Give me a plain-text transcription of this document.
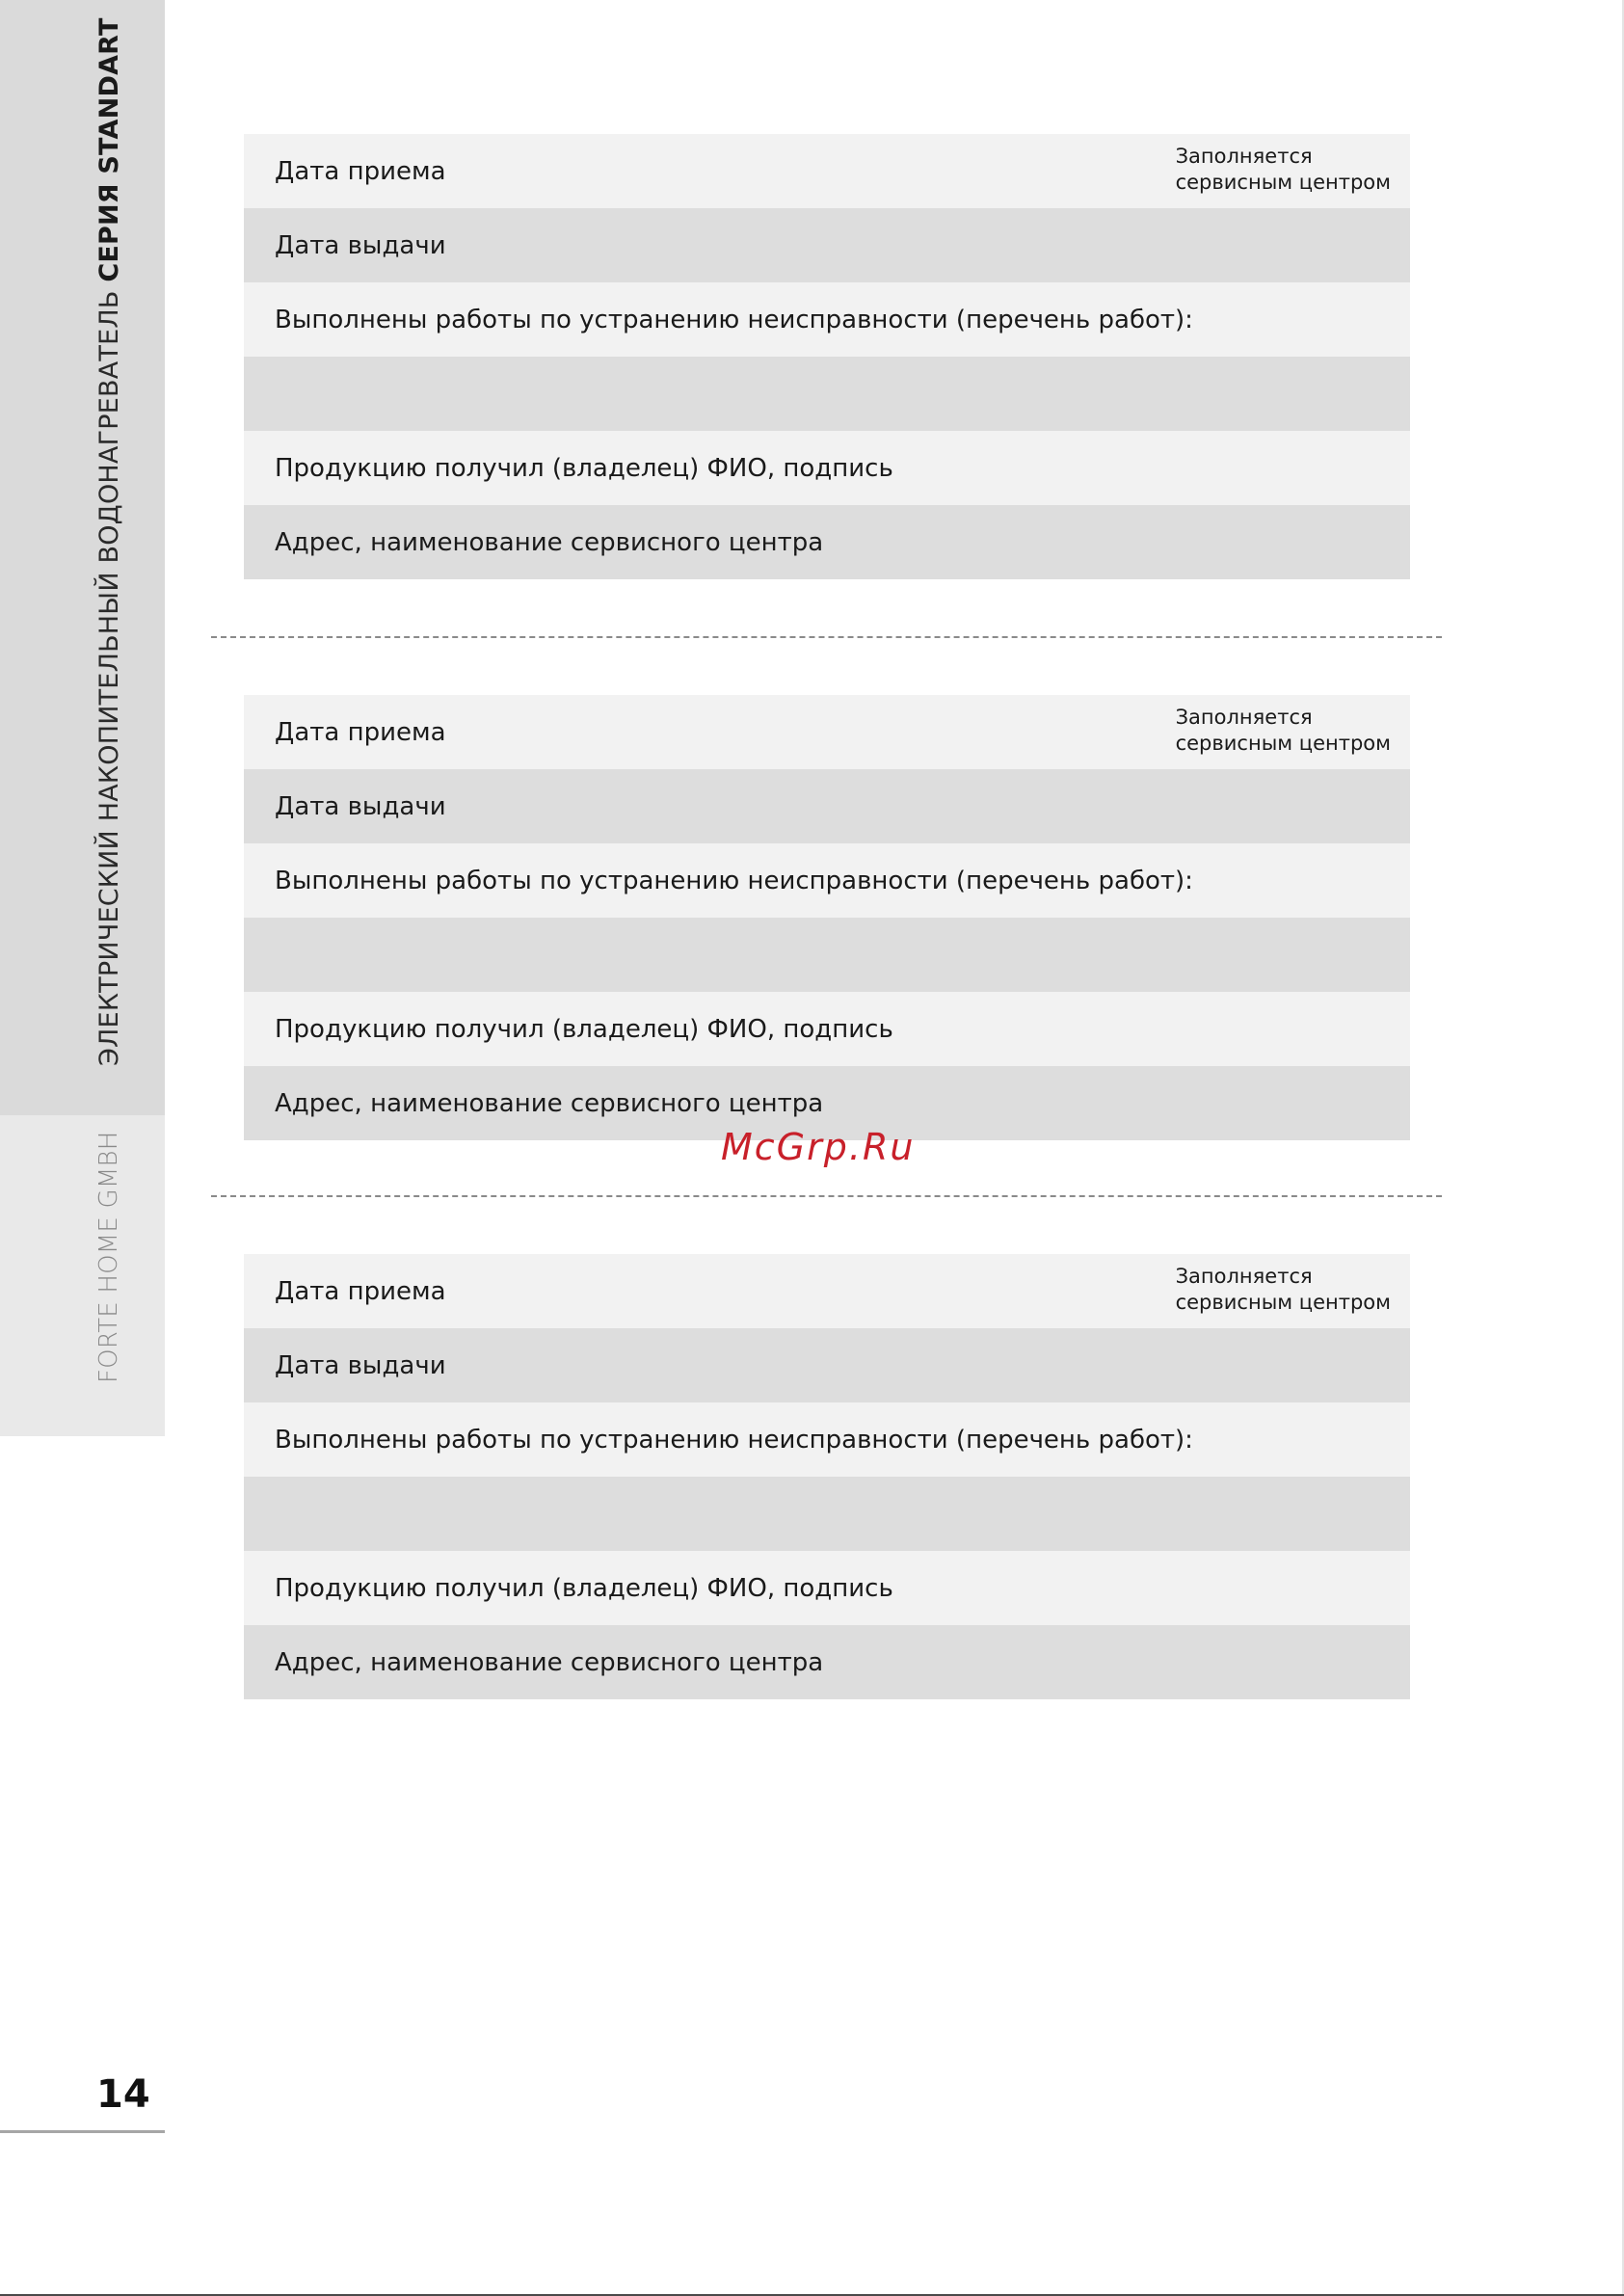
ЭЛЕКТРИЧЕСКИЙ НАКОПИТЕЛЬНЫЙ ВОДОНАГРЕВАТЕЛЬ СЕРИЯ STANDART
FORTE HOME GMBH
14
Дата приема
Заполняется
сервисным центром
Дата выдачи
Выполнены работы по устранению неисправности (перечень работ):
Продукцию получил (владелец) ФИО, подпись
Адрес, наименование сервисного центра
Дата приема
Заполняется
сервисным центром
Дата выдачи
Выполнены работы по устранению неисправности (перечень работ):
Продукцию получил (владелец) ФИО, подпись
Адрес, наименование сервисного центра
McGrp.Ru
Дата приема
Заполняется
сервисным центром
Дата выдачи
Выполнены работы по устранению неисправности (перечень работ):
Продукцию получил (владелец) ФИО, подпись
Адрес, наименование сервисного центра
